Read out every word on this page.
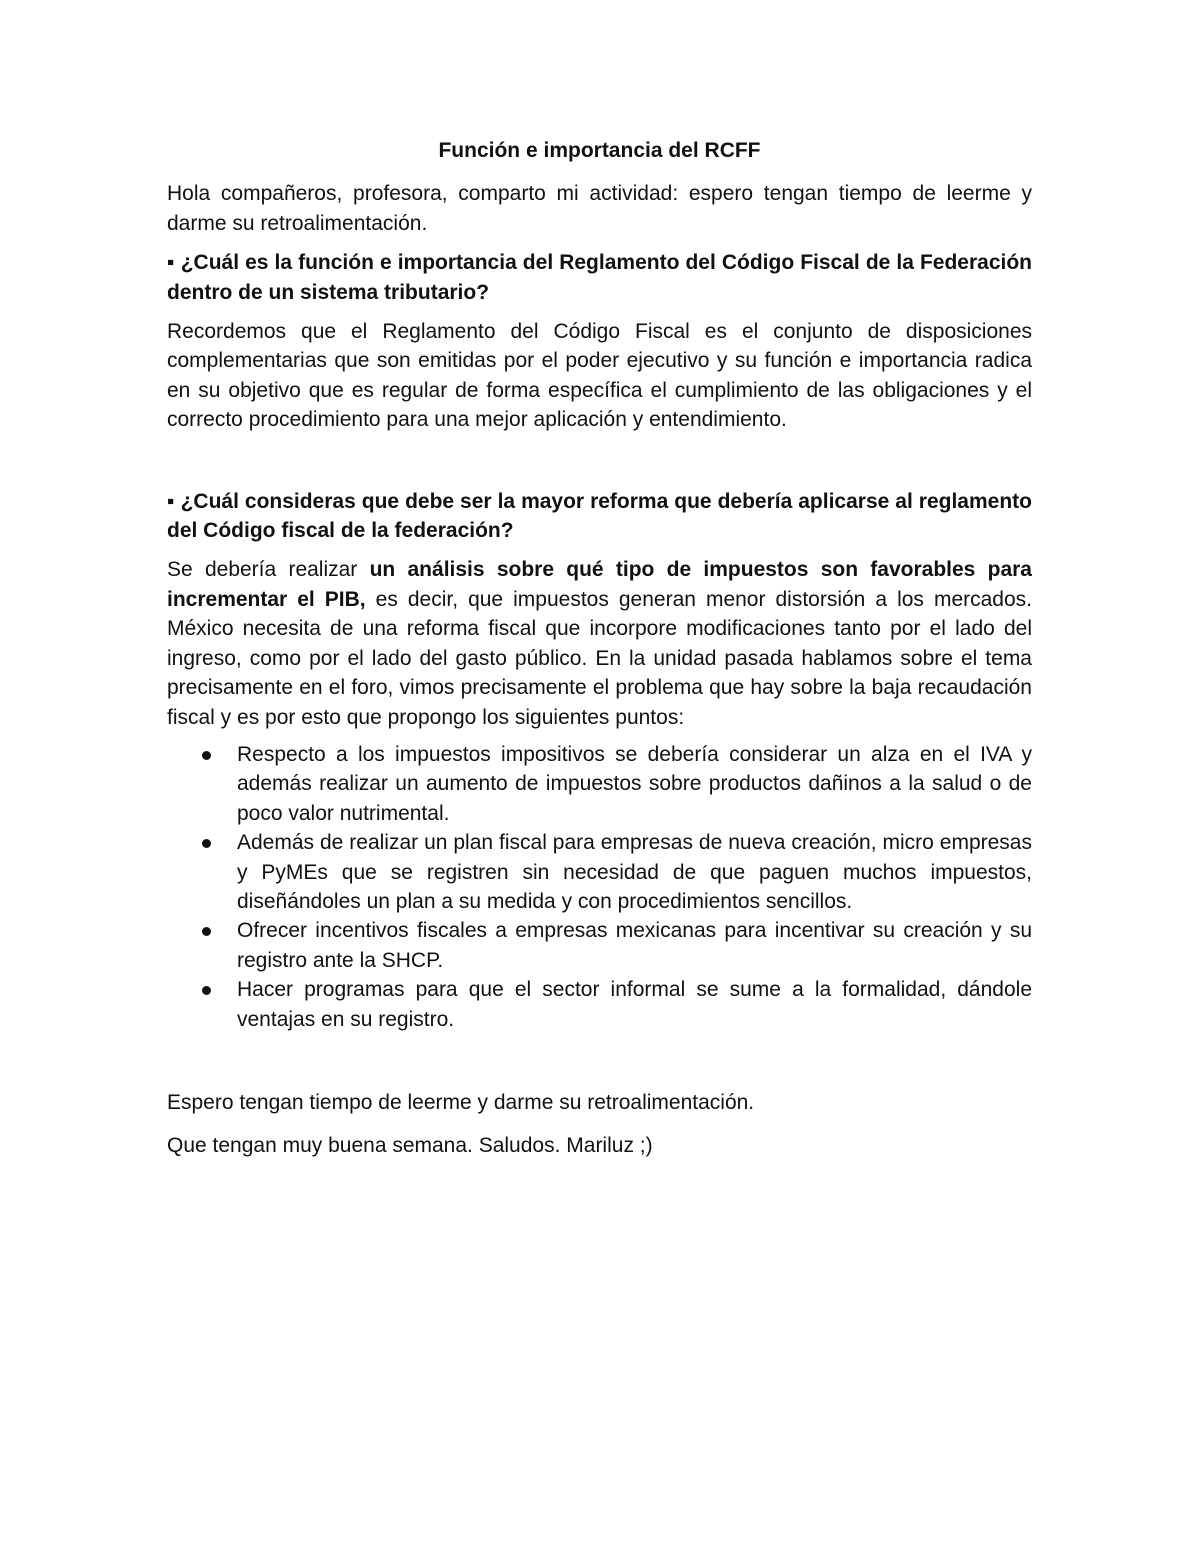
Función e importancia del RCFF

Hola compañeros, profesora, comparto mi actividad: espero tengan tiempo de leerme y darme su retroalimentación.

▪ ¿Cuál es la función e importancia del Reglamento del Código Fiscal de la Federación dentro de un sistema tributario?

Recordemos que el Reglamento del Código Fiscal es el conjunto de disposiciones complementarias que son emitidas por el poder ejecutivo y su función e importancia radica en su objetivo que es regular de forma específica el cumplimiento de las obligaciones y el correcto procedimiento para una mejor aplicación y entendimiento.

▪ ¿Cuál consideras que debe ser la mayor reforma que debería aplicarse al reglamento del Código fiscal de la federación?

Se debería realizar un análisis sobre qué tipo de impuestos son favorables para incrementar el PIB, es decir, que impuestos generan menor distorsión a los mercados. México necesita de una reforma fiscal que incorpore modificaciones tanto por el lado del ingreso, como por el lado del gasto público. En la unidad pasada hablamos sobre el tema precisamente en el foro, vimos precisamente el problema que hay sobre la baja recaudación fiscal y es por esto que propongo los siguientes puntos:

Respecto a los impuestos impositivos se debería considerar un alza en el IVA y además realizar un aumento de impuestos sobre productos dañinos a la salud o de poco valor nutrimental.
Además de realizar un plan fiscal para empresas de nueva creación, micro empresas y PyMEs que se registren sin necesidad de que paguen muchos impuestos, diseñándoles un plan a su medida y con procedimientos sencillos.
Ofrecer incentivos fiscales a empresas mexicanas para incentivar su creación y su registro ante la SHCP.
Hacer programas para que el sector informal se sume a la formalidad, dándole ventajas en su registro.

Espero tengan tiempo de leerme y darme su retroalimentación.

Que tengan muy buena semana. Saludos. Mariluz ;)
